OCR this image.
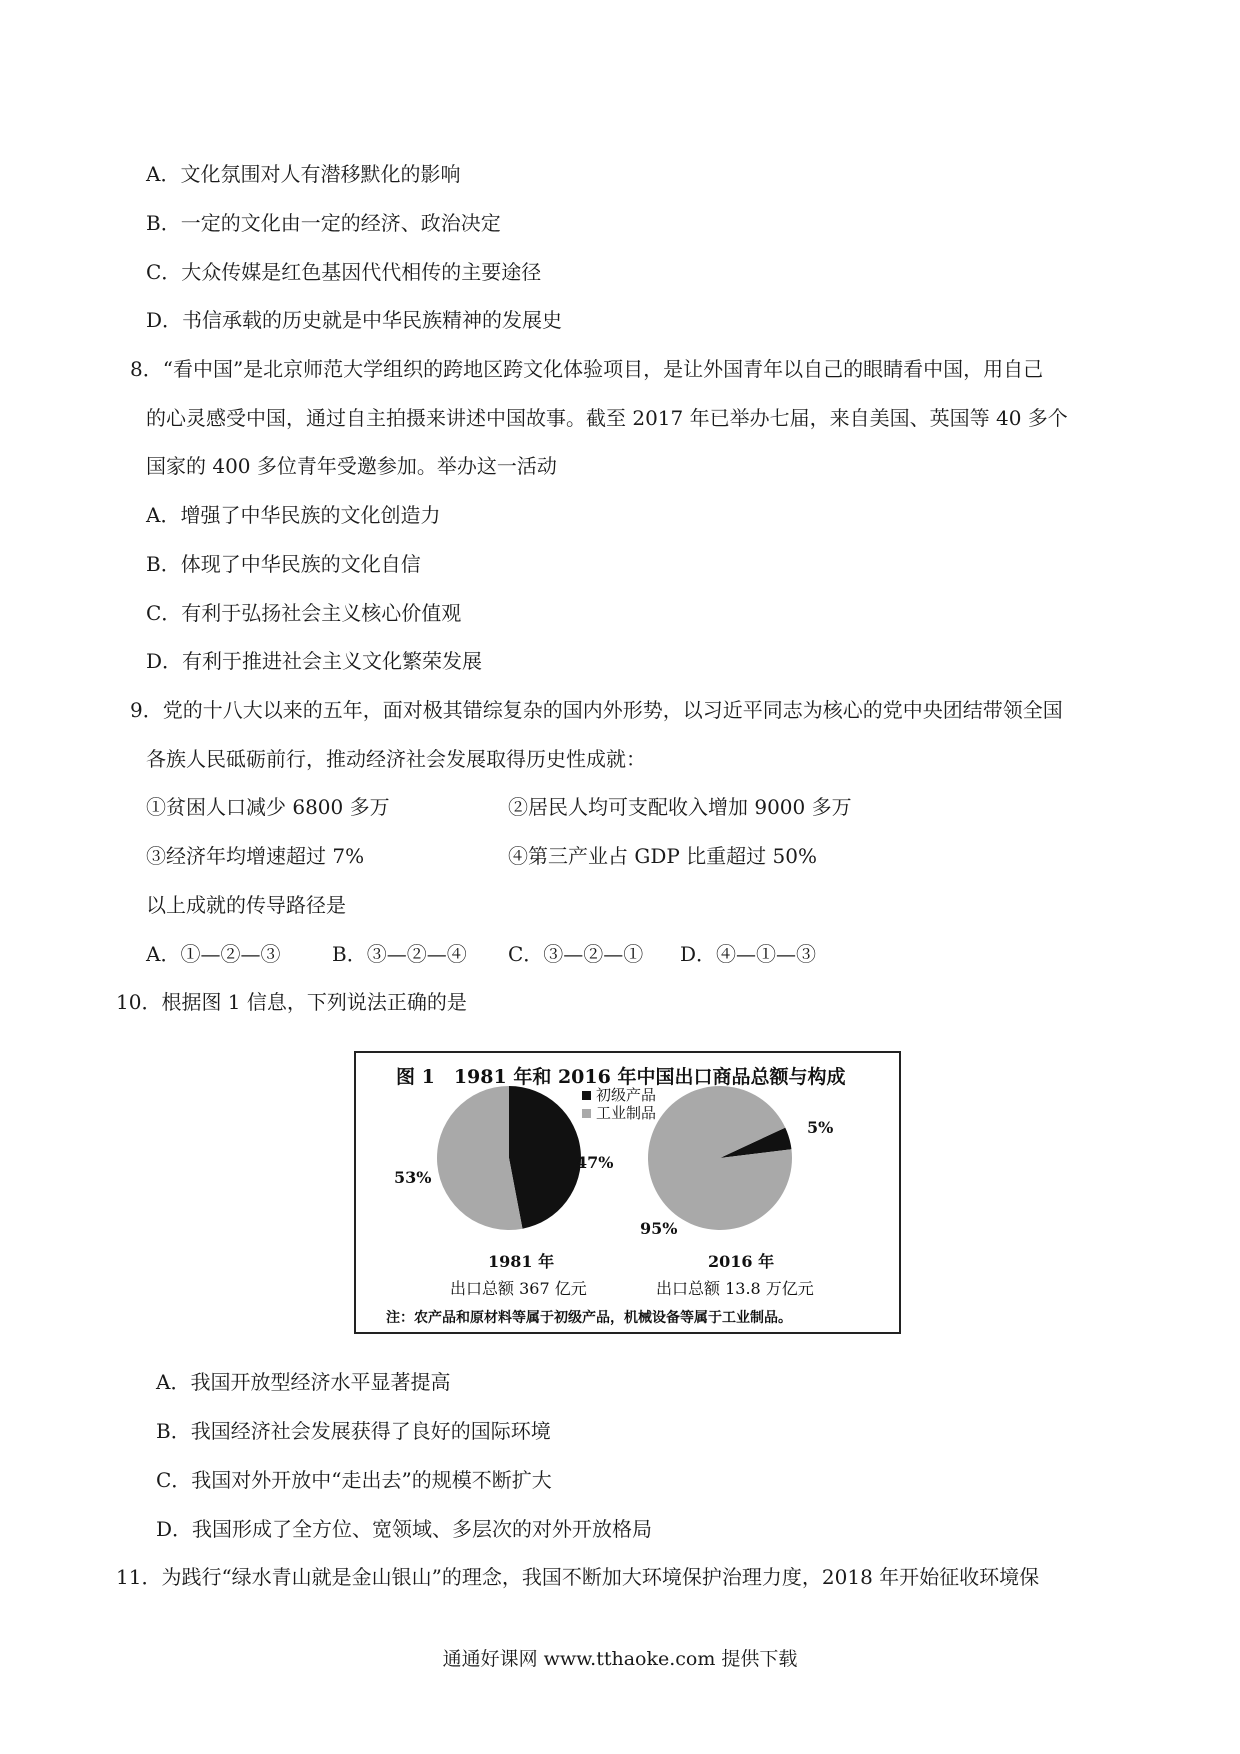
A．文化氛围对人有潜移默化的影响
B．一定的文化由一定的经济、政治决定
C．大众传媒是红色基因代代相传的主要途径
D．书信承载的历史就是中华民族精神的发展史
8．“看中国”是北京师范大学组织的跨地区跨文化体验项目，是让外国青年以自己的眼睛看中国，用自己
的心灵感受中国，通过自主拍摄来讲述中国故事。截至 2017 年已举办七届，来自美国、英国等 40 多个
国家的 400 多位青年受邀参加。举办这一活动
A．增强了中华民族的文化创造力
B．体现了中华民族的文化自信
C．有利于弘扬社会主义核心价值观
D．有利于推进社会主义文化繁荣发展
9．党的十八大以来的五年，面对极其错综复杂的国内外形势，以习近平同志为核心的党中央团结带领全国
各族人民砥砺前行，推动经济社会发展取得历史性成就：
①贫困人口减少 6800 多万	②居民人均可支配收入增加 9000 多万
③经济年均增速超过 7%	④第三产业占 GDP 比重超过 50%
以上成就的传导路径是
A．①—②—③	B．③—②—④ C．③—②—① D．④—①—③
10．根据图 1 信息，下列说法正确的是
图 1　1981 年和 2016 年中国出口商品总额与构成
初级产品
工业制品
47%
53%
5%
95%
1981 年	2016 年
出口总额 367 亿元	出口总额 13.8 万亿元
注：农产品和原材料等属于初级产品，机械设备等属于工业制品。
A．我国开放型经济水平显著提高
B．我国经济社会发展获得了良好的国际环境
C．我国对外开放中“走出去”的规模不断扩大
D．我国形成了全方位、宽领域、多层次的对外开放格局
11．为践行“绿水青山就是金山银山”的理念，我国不断加大环境保护治理力度，2018 年开始征收环境保
通通好课网 www.tthaoke.com 提供下载
